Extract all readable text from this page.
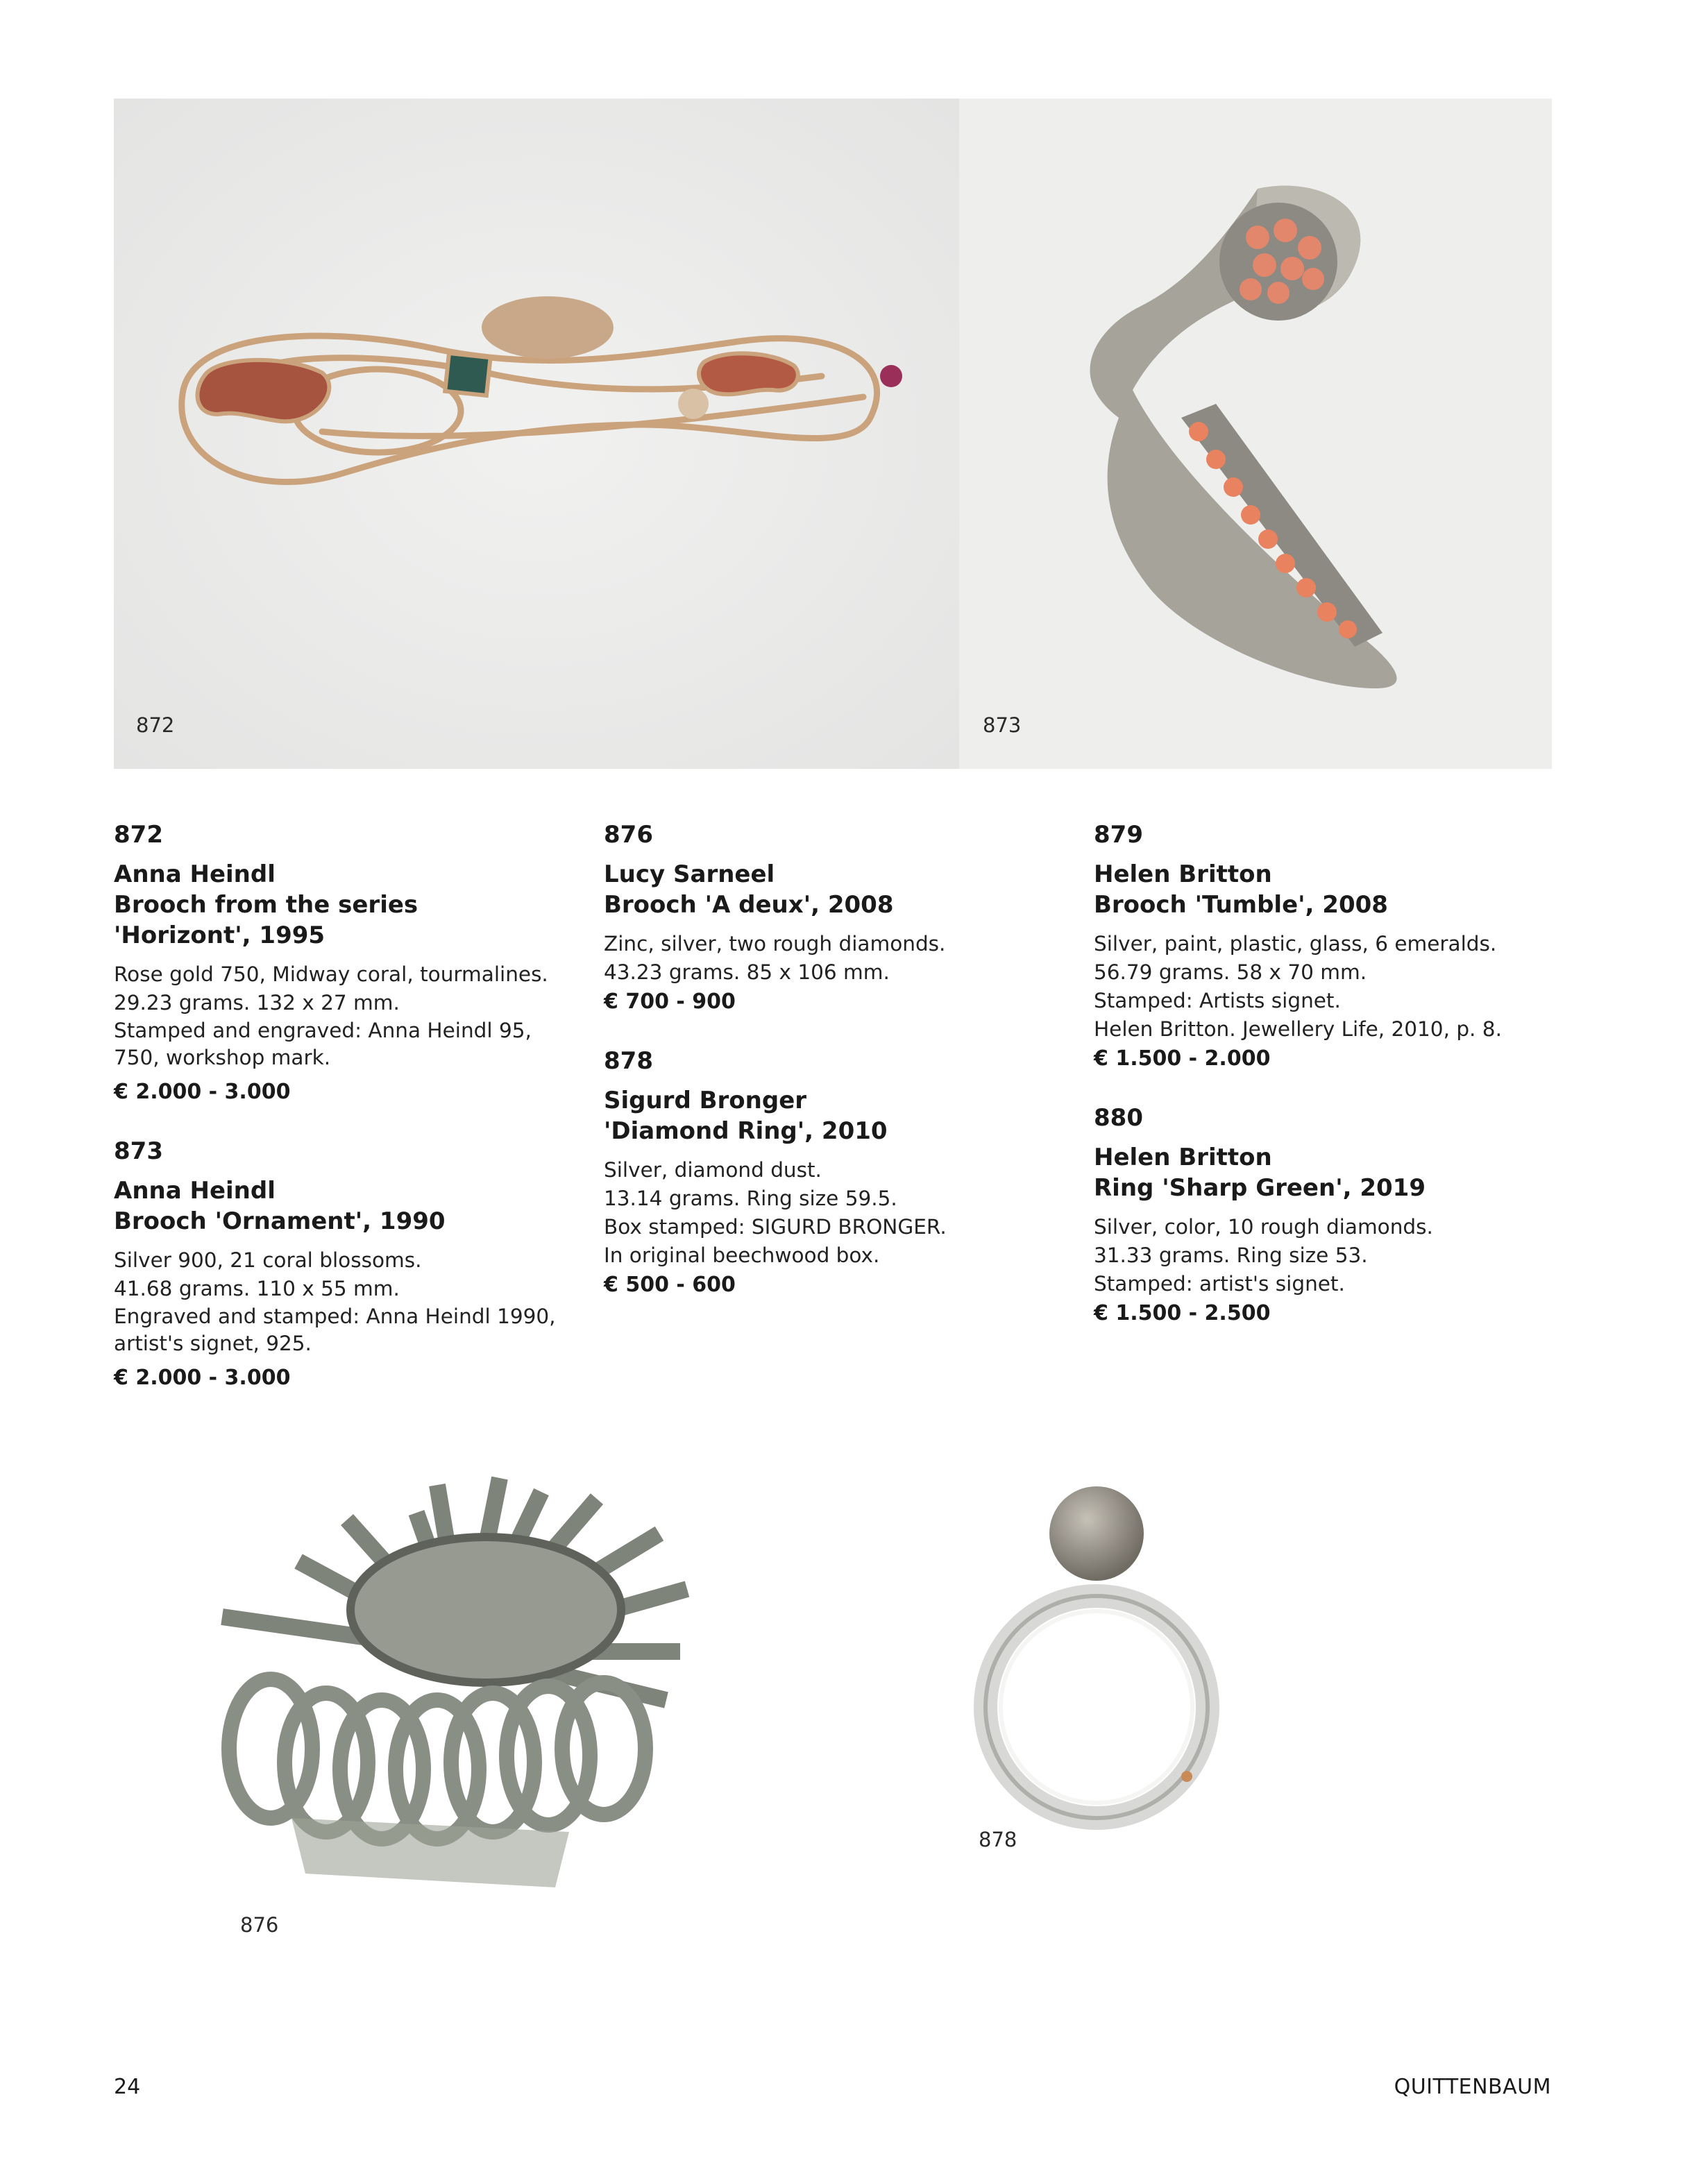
872	873
872
Anna Heindl
Brooch from the series 'Horizont', 1995
Rose gold 750, Midway coral, tourmalines.
29.23 grams. 132 x 27 mm.
Stamped and engraved: Anna Heindl 95, 750, workshop mark.
€ 2.000 - 3.000
873
Anna Heindl
Brooch 'Ornament', 1990
Silver 900, 21 coral blossoms.
41.68 grams. 110 x 55 mm.
Engraved and stamped: Anna Heindl 1990, artist's signet, 925.
€ 2.000 - 3.000
876
Lucy Sarneel
Brooch 'A deux', 2008
Zinc, silver, two rough diamonds.
43.23 grams. 85 x 106 mm.
€ 700 - 900
878
Sigurd Bronger
'Diamond Ring', 2010
Silver, diamond dust.
13.14 grams. Ring size 59.5.
Box stamped: SIGURD BRONGER.
In original beechwood box.
€ 500 - 600
879
Helen Britton
Brooch 'Tumble', 2008
Silver, paint, plastic, glass, 6 emeralds.
56.79 grams. 58 x 70 mm.
Stamped: Artists signet.
Helen Britton. Jewellery Life, 2010, p. 8.
€ 1.500 - 2.000
880
Helen Britton
Ring 'Sharp Green', 2019
Silver, color, 10 rough diamonds.
31.33 grams. Ring size 53.
Stamped: artist's signet.
€ 1.500 - 2.500
876
878
24	QUITTENBAUM
